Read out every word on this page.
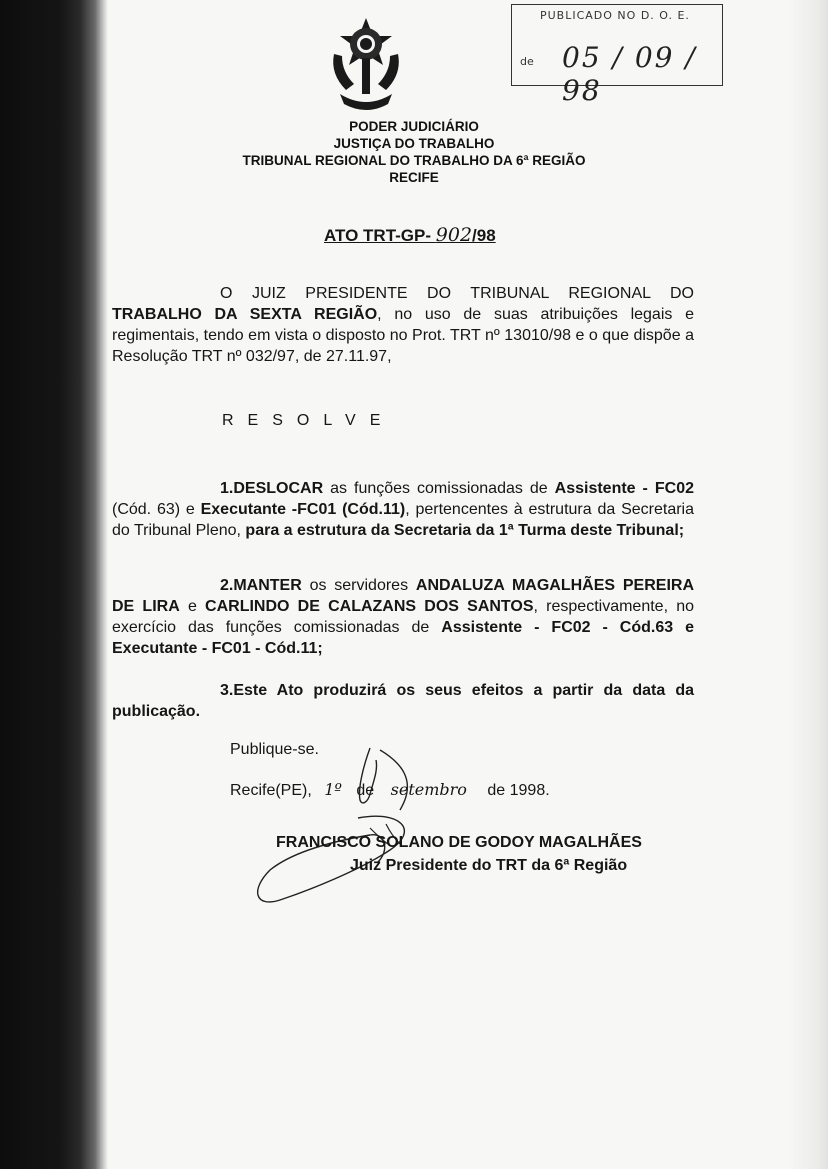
PUBLICADO NO D. O. E.
de 05 / 09 / 98
PODER JUDICIÁRIO
JUSTIÇA DO TRABALHO
TRIBUNAL REGIONAL DO TRABALHO DA 6ª REGIÃO
RECIFE
ATO TRT-GP- 902/98
O JUIZ PRESIDENTE DO TRIBUNAL REGIONAL DO TRABALHO DA SEXTA REGIÃO, no uso de suas atribuições legais e regimentais, tendo em vista o disposto no Prot. TRT nº 13010/98 e o que dispõe a Resolução TRT nº 032/97, de 27.11.97,
RESOLVE
1.DESLOCAR as funções comissionadas de Assistente - FC02 (Cód. 63) e Executante -FC01 (Cód.11), pertencentes à estrutura da Secretaria do Tribunal Pleno, para a estrutura da Secretaria da 1ª Turma deste Tribunal;
2.MANTER os servidores ANDALUZA MAGALHÃES PEREIRA DE LIRA e CARLINDO DE CALAZANS DOS SANTOS, respectivamente, no exercício das funções comissionadas de Assistente - FC02 - Cód.63 e Executante - FC01 - Cód.11;
3.Este Ato produzirá os seus efeitos a partir da data da publicação.
Publique-se.
Recife(PE), 1º de setembro de 1998.
FRANCISCO SOLANO DE GODOY MAGALHÃES
Juiz Presidente do TRT da 6ª Região
